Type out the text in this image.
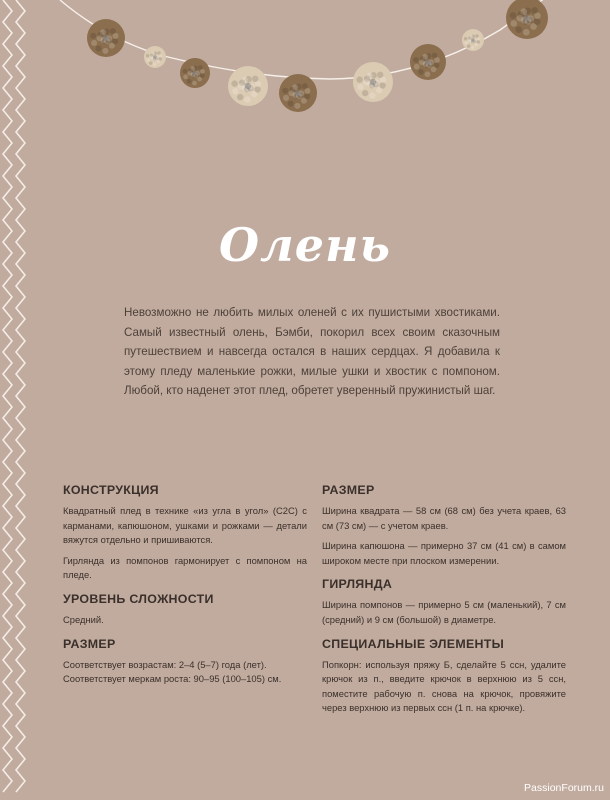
Олень

Невозможно не любить милых оленей с их пушистыми хвостиками. Самый известный олень, Бэмби, покорил всех своим сказочным путешествием и навсегда остался в наших сердцах. Я добавила к этому пледу маленькие рожки, милые ушки и хвостик с помпоном. Любой, кто наденет этот плед, обретет уверенный пружинистый шаг.

КОНСТРУКЦИЯ

Квадратный плед в технике «из угла в угол» (C2C) с карманами, капюшоном, ушками и рожками — детали вяжутся отдельно и пришиваются.

Гирлянда из помпонов гармонирует с помпоном на пледе.

УРОВЕНЬ СЛОЖНОСТИ

Средний.

РАЗМЕР

Соответствует возрастам: 2–4 (5–7) года (лет).

Соответствует меркам роста: 90–95 (100–105) см.

РАЗМЕР

Ширина квадрата — 58 см (68 см) без учета краев, 63 см (73 см) — с учетом краев.

Ширина капюшона — примерно 37 см (41 см) в самом широком месте при плоском измерении.

ГИРЛЯНДА

Ширина помпонов — примерно 5 см (маленький), 7 см (средний) и 9 см (большой) в диаметре.

СПЕЦИАЛЬНЫЕ ЭЛЕМЕНТЫ

Попкорн: используя пряжу Б, сделайте 5 ссн, удалите крючок из п., введите крючок в верхнюю из 5 ссн, поместите рабочую п. снова на крючок, провяжите через верхнюю из первых ссн (1 п. на крючке).

PassionForum.ru
